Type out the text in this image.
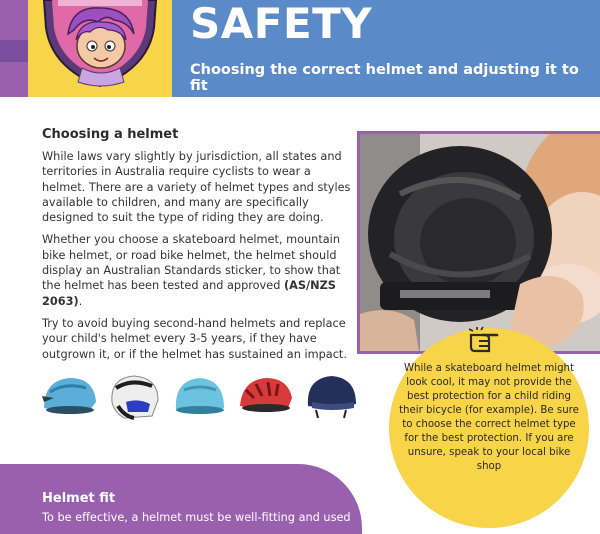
SAFETY

Choosing the correct helmet and adjusting it to fit

Choosing a helmet

While laws vary slightly by jurisdiction, all states and territories in Australia require cyclists to wear a helmet. There are a variety of helmet types and styles available to children, and many are specifically designed to suit the type of riding they are doing.

Whether you choose a skateboard helmet, mountain bike helmet, or road bike helmet, the helmet should display an Australian Standards sticker, to show that the helmet has been tested and approved (AS/NZS 2063).

Try to avoid buying second-hand helmets and replace your child's helmet every 3-5 years, if they have outgrown it, or if the helmet has sustained an impact.

While a skateboard helmet might look cool, it may not provide the best protection for a child riding their bicycle (for example). Be sure to choose the correct helmet type for the best protection. If you are unsure, speak to your local bike shop

Helmet fit

To be effective, a helmet must be well-fitting and used
